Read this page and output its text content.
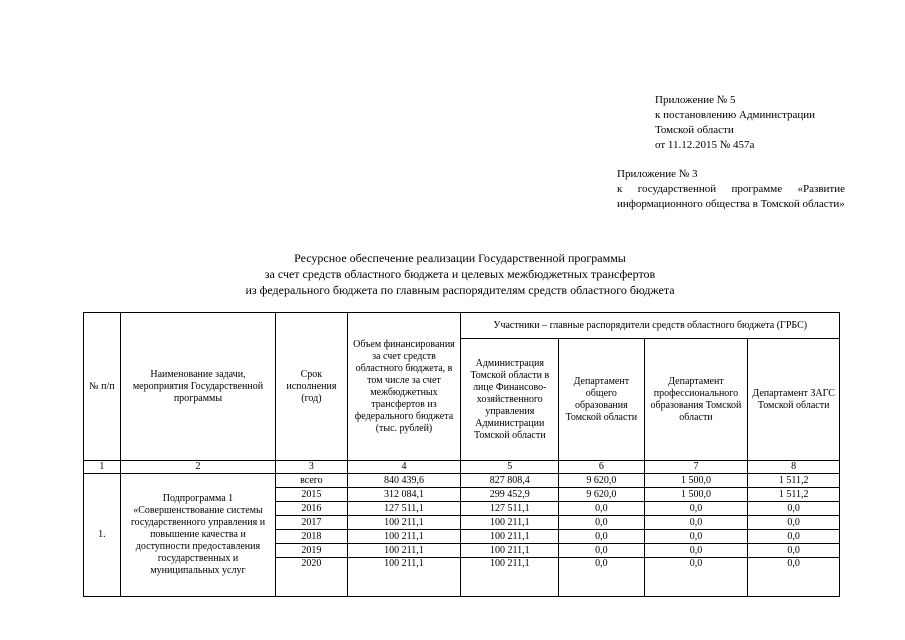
Приложение № 5
к постановлению Администрации
Томской области
от 11.12.2015 № 457а
Приложение № 3
к государственной программе «Развитие информационного общества в Томской области»
Ресурсное обеспечение реализации Государственной программы
за счет средств областного бюджета и целевых межбюджетных трансфертов
из федерального бюджета по главным распорядителям средств областного бюджета
№ п/п	Наименование задачи, мероприятия Государственной программы	Срок исполнения (год)	Объем финансирования за счет средств областного бюджета, в том числе за счет межбюджетных трансфертов из федерального бюджета (тыс. рублей)	Участники – главные распорядители средств областного бюджета (ГРБС)			
				Администрация Томской области в лице Финансово-хозяйственного управления Администрации Томской области	Департамент общего образования Томской области	Департамент профессионального образования Томской области	Департамент ЗАГС Томской области
1	2	3	4	5	6	7	8
1.	Подпрограмма 1 «Совершенствование системы государственного управления и повышение качества и доступности предоставления государственных и муниципальных услуг	всего	840 439,6	827 808,4	9 620,0	1 500,0	1 511,2
		2015	312 084,1	299 452,9	9 620,0	1 500,0	1 511,2
		2016	127 511,1	127 511,1	0,0	0,0	0,0
		2017	100 211,1	100 211,1	0,0	0,0	0,0
		2018	100 211,1	100 211,1	0,0	0,0	0,0
		2019	100 211,1	100 211,1	0,0	0,0	0,0
		2020	100 211,1	100 211,1	0,0	0,0	0,0
